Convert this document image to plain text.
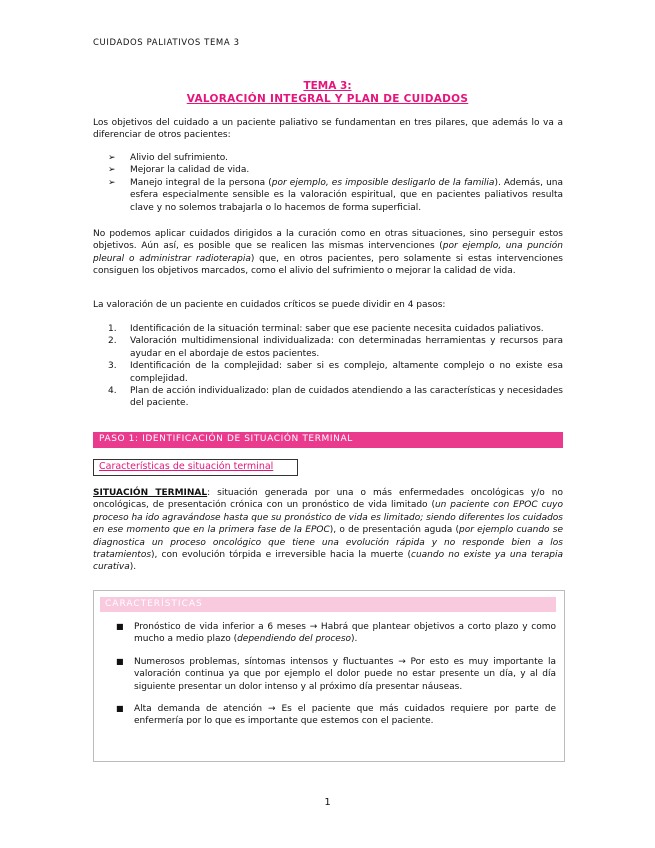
CUIDADOS PALIATIVOS TEMA 3
TEMA 3:
VALORACIÓN INTEGRAL Y PLAN DE CUIDADOS
Los objetivos del cuidado a un paciente paliativo se fundamentan en tres pilares, que además lo va a diferenciar de otros pacientes:
➢ Alivio del sufrimiento.
➢ Mejorar la calidad de vida.
➢ Manejo integral de la persona (por ejemplo, es imposible desligarlo de la familia). Además, una esfera especialmente sensible es la valoración espiritual, que en pacientes paliativos resulta clave y no solemos trabajarla o lo hacemos de forma superficial.
No podemos aplicar cuidados dirigidos a la curación como en otras situaciones, sino perseguir estos objetivos. Aún así, es posible que se realicen las mismas intervenciones (por ejemplo, una punción pleural o administrar radioterapia) que, en otros pacientes, pero solamente si estas intervenciones consiguen los objetivos marcados, como el alivio del sufrimiento o mejorar la calidad de vida.
La valoración de un paciente en cuidados críticos se puede dividir en 4 pasos:
1. Identificación de la situación terminal: saber que ese paciente necesita cuidados paliativos.
2. Valoración multidimensional individualizada: con determinadas herramientas y recursos para ayudar en el abordaje de estos pacientes.
3. Identificación de la complejidad: saber si es complejo, altamente complejo o no existe esa complejidad.
4. Plan de acción individualizado: plan de cuidados atendiendo a las características y necesidades del paciente.
PASO 1: IDENTIFICACIÓN DE SITUACIÓN TERMINAL
Características de situación terminal
SITUACIÓN TERMINAL: situación generada por una o más enfermedades oncológicas y/o no oncológicas, de presentación crónica con un pronóstico de vida limitado (un paciente con EPOC cuyo proceso ha ido agravándose hasta que su pronóstico de vida es limitado; siendo diferentes los cuidados en ese momento que en la primera fase de la EPOC), o de presentación aguda (por ejemplo cuando se diagnostica un proceso oncológico que tiene una evolución rápida y no responde bien a los tratamientos), con evolución tórpida e irreversible hacia la muerte (cuando no existe ya una terapia curativa).
CARACTERÍSTICAS
■ Pronóstico de vida inferior a 6 meses → Habrá que plantear objetivos a corto plazo y como mucho a medio plazo (dependiendo del proceso).
■ Numerosos problemas, síntomas intensos y fluctuantes → Por esto es muy importante la valoración continua ya que por ejemplo el dolor puede no estar presente un día, y al día siguiente presentar un dolor intenso y al próximo día presentar náuseas.
■ Alta demanda de atención → Es el paciente que más cuidados requiere por parte de enfermería por lo que es importante que estemos con el paciente.
1
